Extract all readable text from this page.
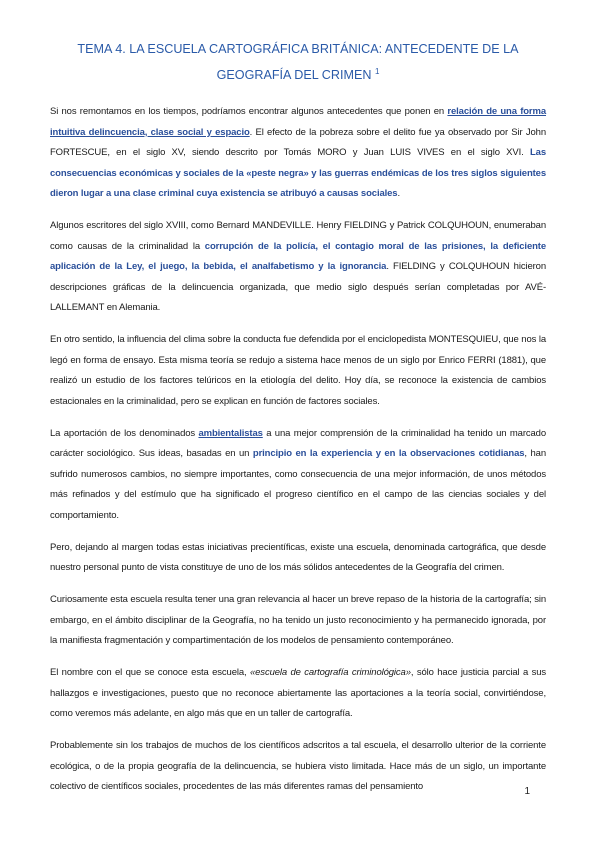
TEMA 4. LA ESCUELA CARTOGRÁFICA BRITÁNICA: ANTECEDENTE DE LA
GEOGRAFÍA DEL CRIMEN $^1$

Si nos remontamos en los tiempos, podríamos encontrar algunos antecedentes que ponen en relación de una forma intuitiva delincuencia, clase social y espacio. El efecto de la pobreza sobre el delito fue ya observado por Sir John FORTESCUE, en el siglo XV, siendo descrito por Tomás MORO y Juan LUIS VIVES en el siglo XVI. Las consecuencias económicas y sociales de la «peste negra» y las guerras endémicas de los tres siglos siguientes dieron lugar a una clase criminal cuya existencia se atribuyó a causas sociales.

Algunos escritores del siglo XVIII, como Bernard MANDEVILLE. Henry FIELDING y Patrick COLQUHOUN, enumeraban como causas de la criminalidad la corrupción de la policía, el contagio moral de las prisiones, la deficiente aplicación de la Ley, el juego, la bebida, el analfabetismo y la ignorancia. FIELDING y COLQUHOUN hicieron descripciones gráficas de la delincuencia organizada, que medio siglo después serían completadas por AVÉ-LALLEMANT en Alemania.

En otro sentido, la influencia del clima sobre la conducta fue defendida por el enciclopedista MONTESQUIEU, que nos la legó en forma de ensayo. Esta misma teoría se redujo a sistema hace menos de un siglo por Enrico FERRI (1881), que realizó un estudio de los factores telúricos en la etiología del delito. Hoy día, se reconoce la existencia de cambios estacionales en la criminalidad, pero se explican en función de factores sociales.

La aportación de los denominados ambientalistas a una mejor comprensión de la criminalidad ha tenido un marcado carácter sociológico. Sus ideas, basadas en un principio en la experiencia y en la observaciones cotidianas, han sufrido numerosos cambios, no siempre importantes, como consecuencia de una mejor información, de unos métodos más refinados y del estímulo que ha significado el progreso científico en el campo de las ciencias sociales y del comportamiento.

Pero, dejando al margen todas estas iniciativas precientíficas, existe una escuela, denominada cartográfica, que desde nuestro personal punto de vista constituye de uno de los más sólidos antecedentes de la Geografía del crimen.

Curiosamente esta escuela resulta tener una gran relevancia al hacer un breve repaso de la historia de la cartografía; sin embargo, en el ámbito disciplinar de la Geografía, no ha tenido un justo reconocimiento y ha permanecido ignorada, por la manifiesta fragmentación y compartimentación de los modelos de pensamiento contemporáneo.

El nombre con el que se conoce esta escuela, «escuela de cartografía criminológica», sólo hace justicia parcial a sus hallazgos e investigaciones, puesto que no reconoce abiertamente las aportaciones a la teoría social, convirtiéndose, como veremos más adelante, en algo más que en un taller de cartografía.

Probablemente sin los trabajos de muchos de los científicos adscritos a tal escuela, el desarrollo ulterior de la corriente ecológica, o de la propia geografía de la delincuencia, se hubiera visto limitada. Hace más de un siglo, un importante colectivo de científicos sociales, procedentes de las más diferentes ramas del pensamiento	1
